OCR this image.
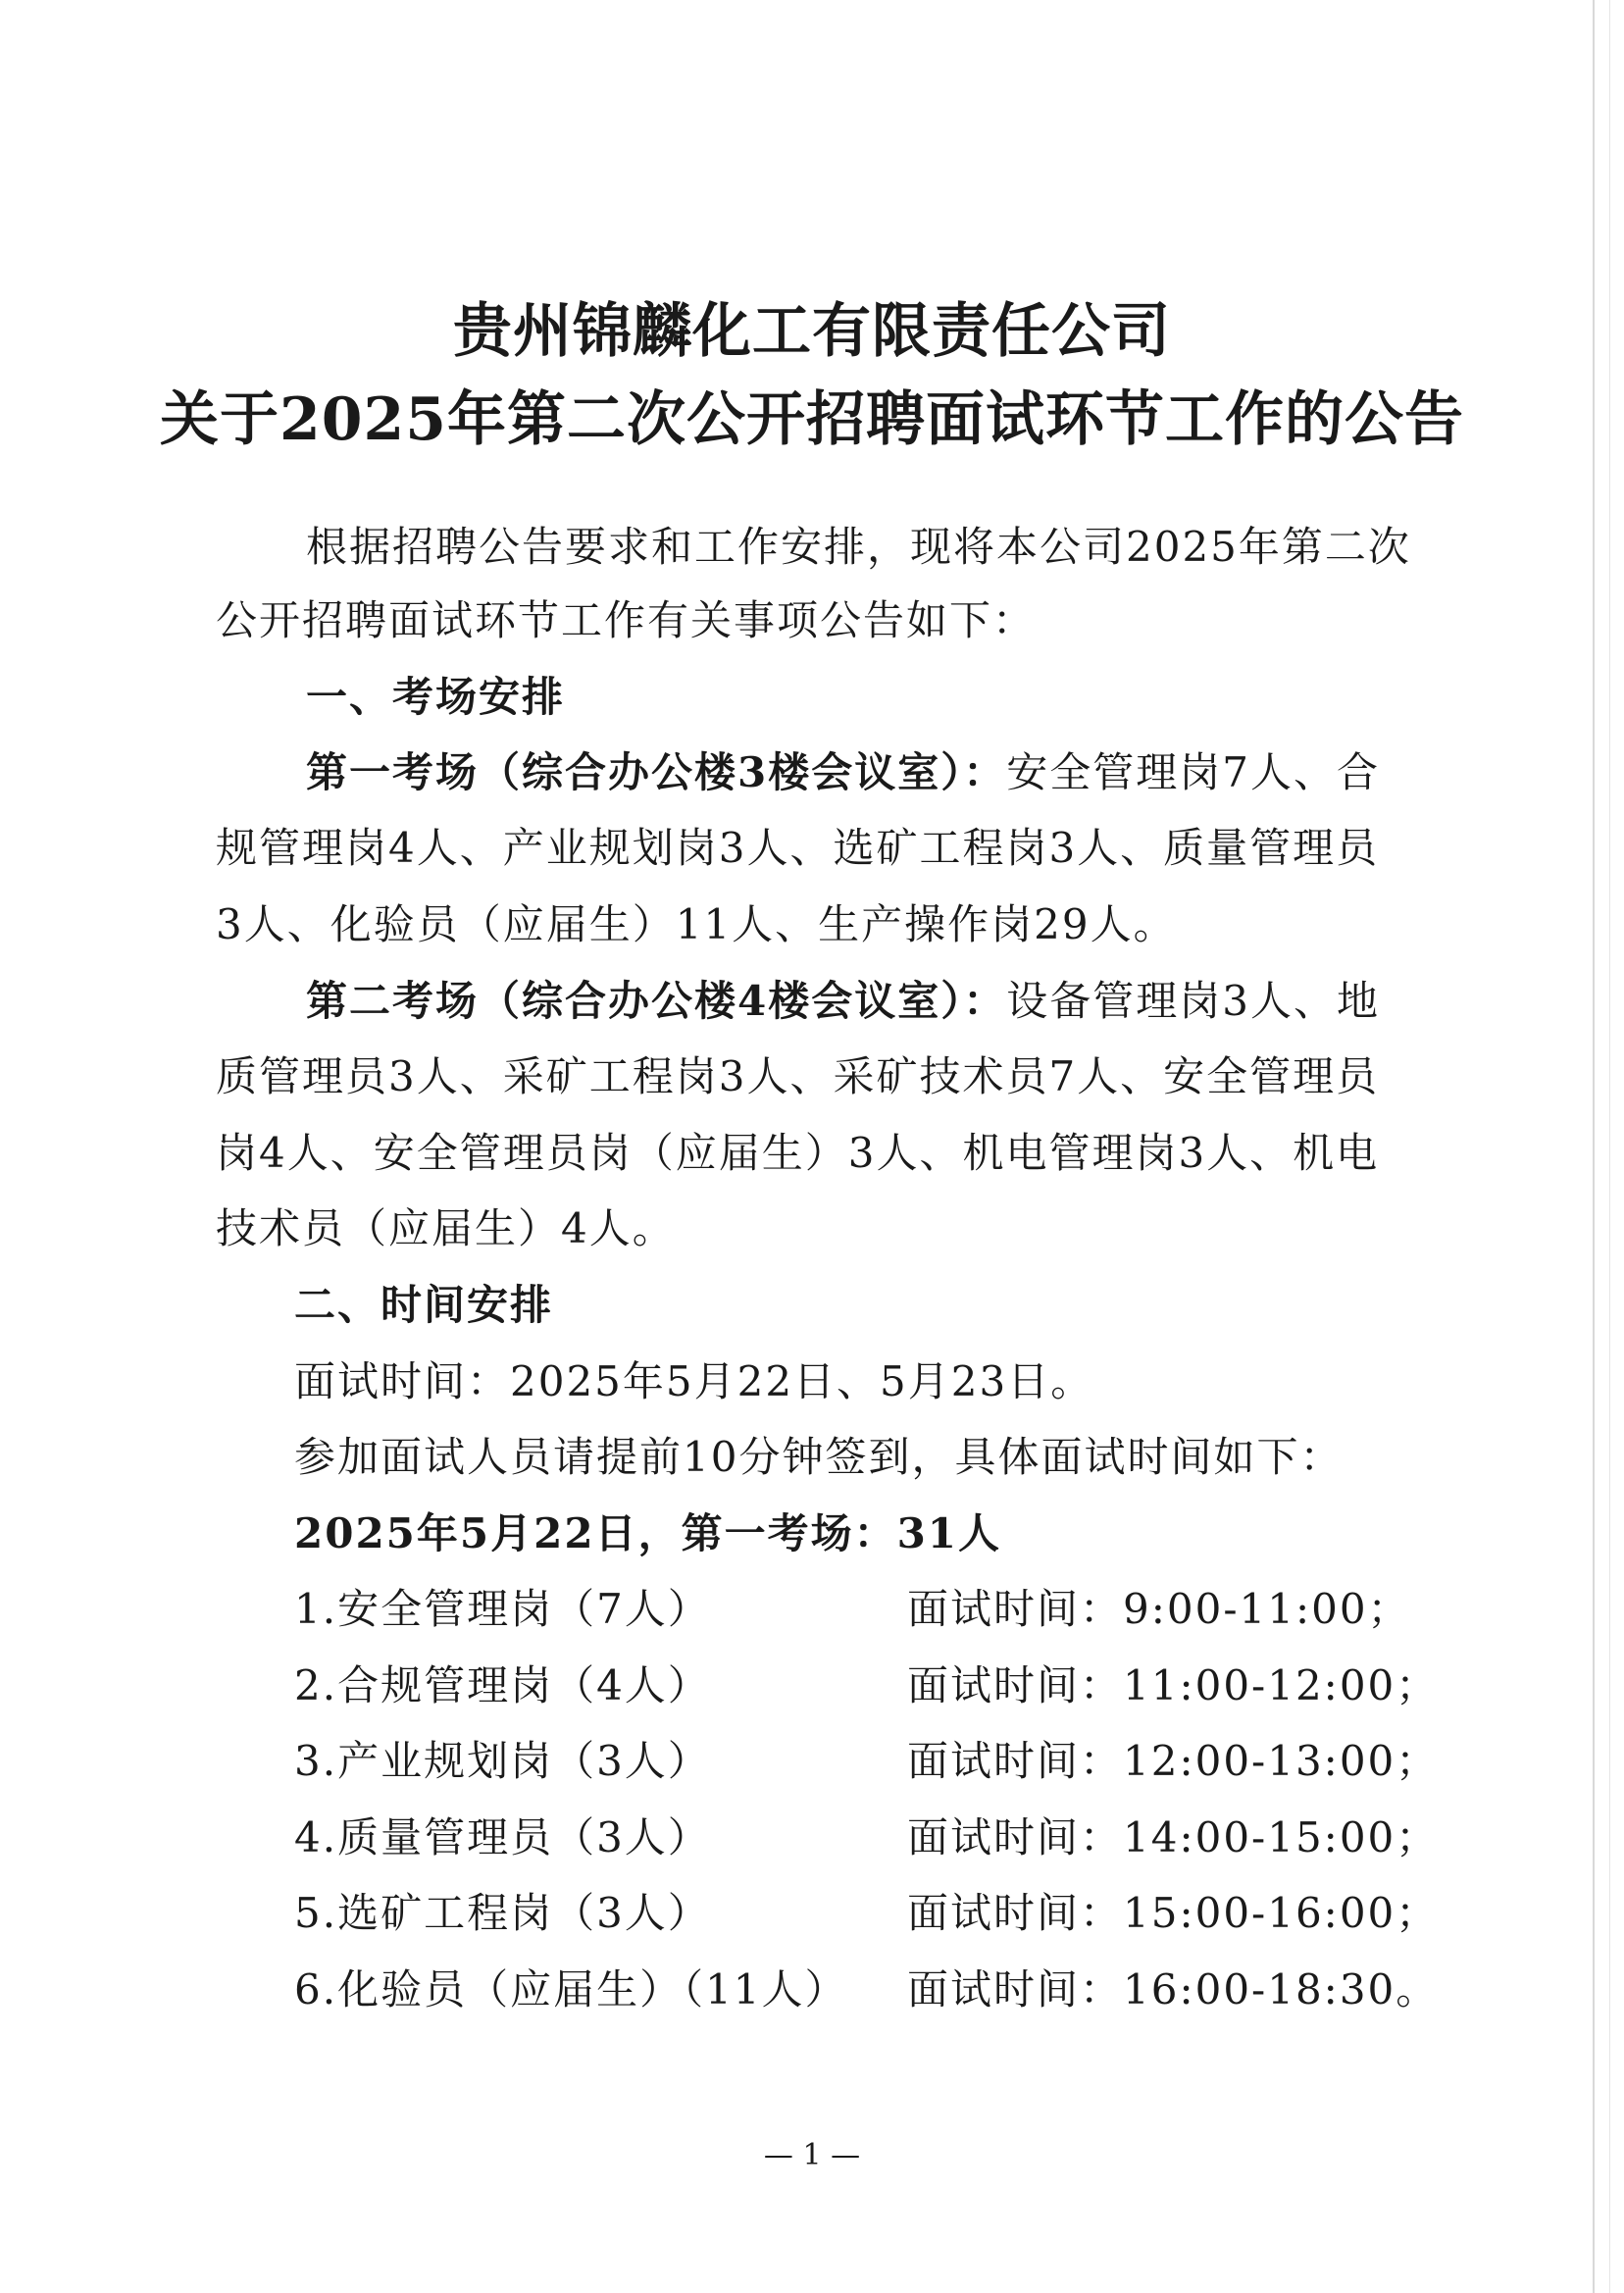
贵州锦麟化工有限责任公司
关于2025年第二次公开招聘面试环节工作的公告
根据招聘公告要求和工作安排，现将本公司2025年第二次
公开招聘面试环节工作有关事项公告如下：
一、考场安排
第一考场（综合办公楼3楼会议室）：安全管理岗7人、合
规管理岗4人、产业规划岗3人、选矿工程岗3人、质量管理员
3人、化验员（应届生）11人、生产操作岗29人。
第二考场（综合办公楼4楼会议室）：设备管理岗3人、地
质管理员3人、采矿工程岗3人、采矿技术员7人、安全管理员
岗4人、安全管理员岗（应届生）3人、机电管理岗3人、机电
技术员（应届生）4人。
二、时间安排
面试时间：2025年5月22日、5月23日。
参加面试人员请提前10分钟签到，具体面试时间如下：
2025年5月22日，第一考场：31人
1.安全管理岗（7人）	面试时间：9:00-11:00；
2.合规管理岗（4人）	面试时间：11:00-12:00；
3.产业规划岗（3人）	面试时间：12:00-13:00；
4.质量管理员（3人）	面试时间：14:00-15:00；
5.选矿工程岗（3人）	面试时间：15:00-16:00；
6.化验员（应届生）（11人） 面试时间：16:00-18:30。
— 1 —
